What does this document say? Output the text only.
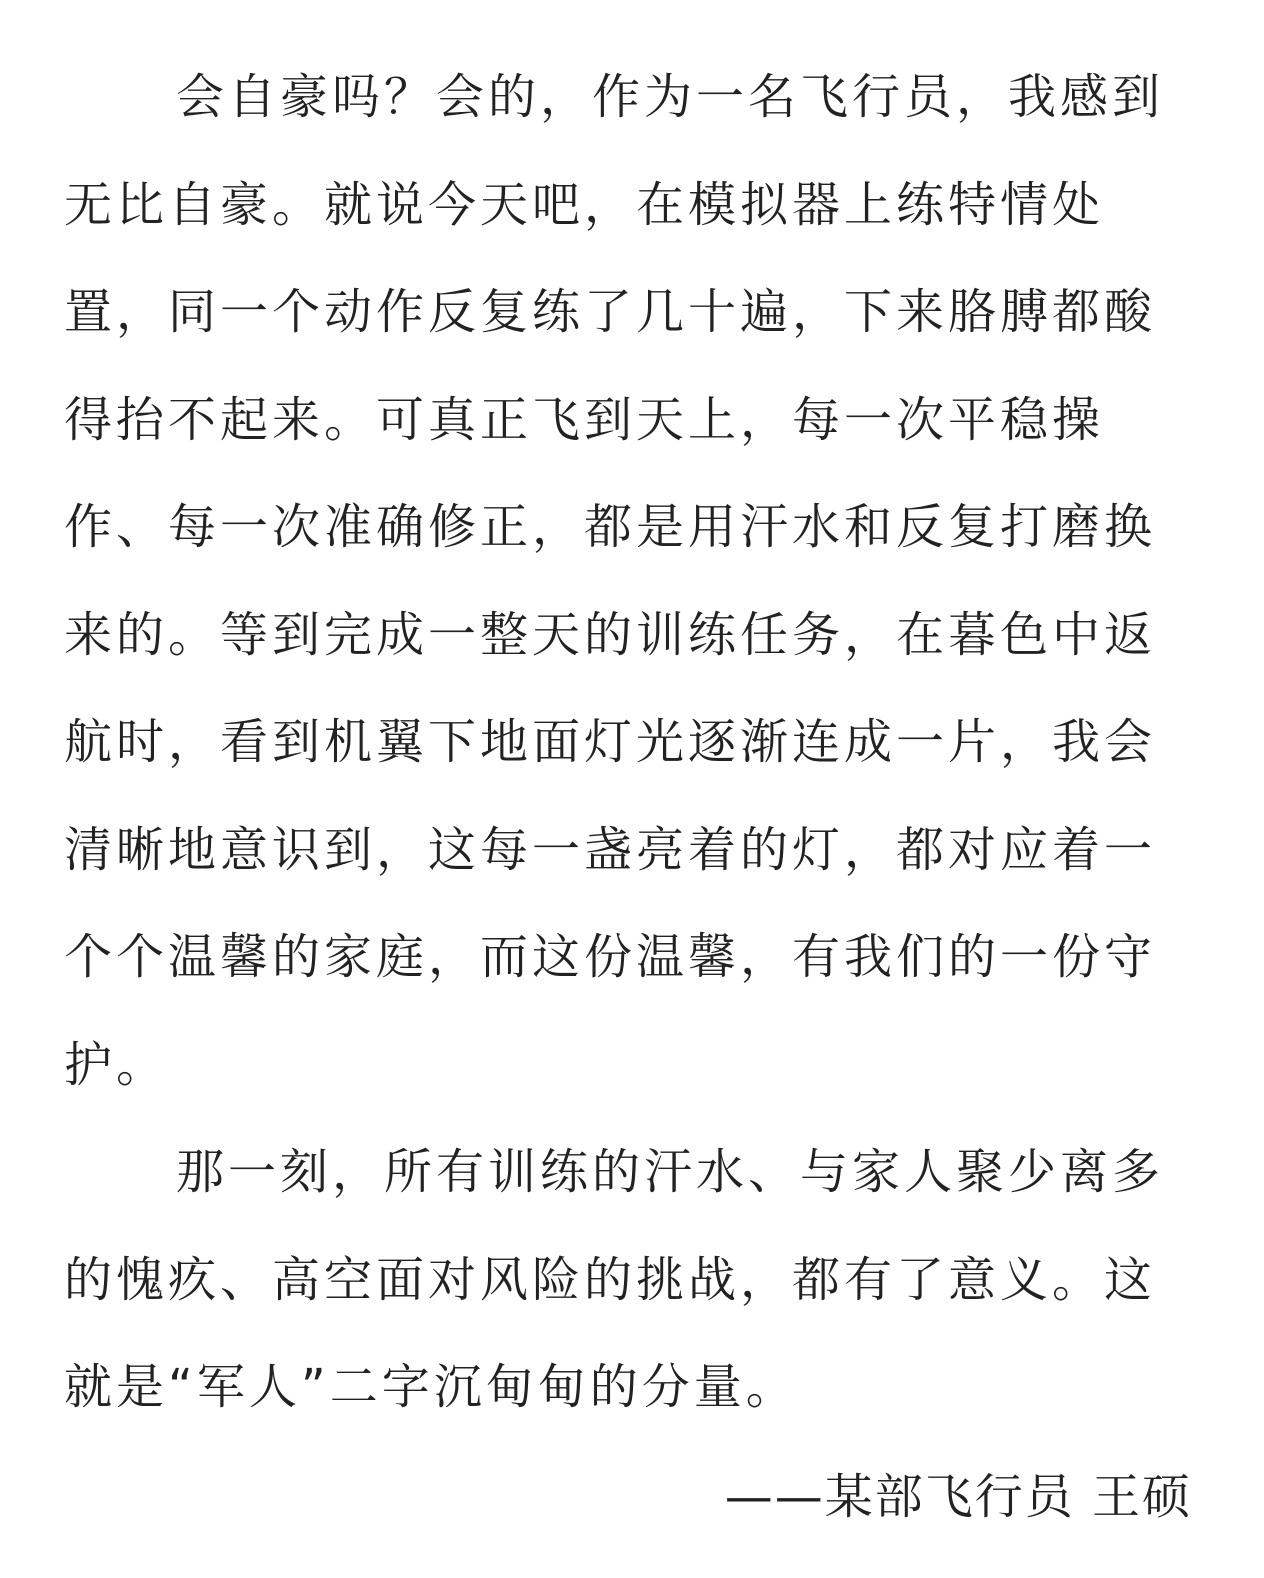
会自豪吗？会的，作为一名飞行员，我感到
无比自豪。就说今天吧，在模拟器上练特情处
置，同一个动作反复练了几十遍，下来胳膊都酸
得抬不起来。可真正飞到天上，每一次平稳操
作、每一次准确修正，都是用汗水和反复打磨换
来的。等到完成一整天的训练任务，在暮色中返
航时，看到机翼下地面灯光逐渐连成一片，我会
清晰地意识到，这每一盏亮着的灯，都对应着一
个个温馨的家庭，而这份温馨，有我们的一份守
护。
那一刻，所有训练的汗水、与家人聚少离多
的愧疚、高空面对风险的挑战，都有了意义。这
就是“军人”二字沉甸甸的分量。
——某部飞行员 王硕
